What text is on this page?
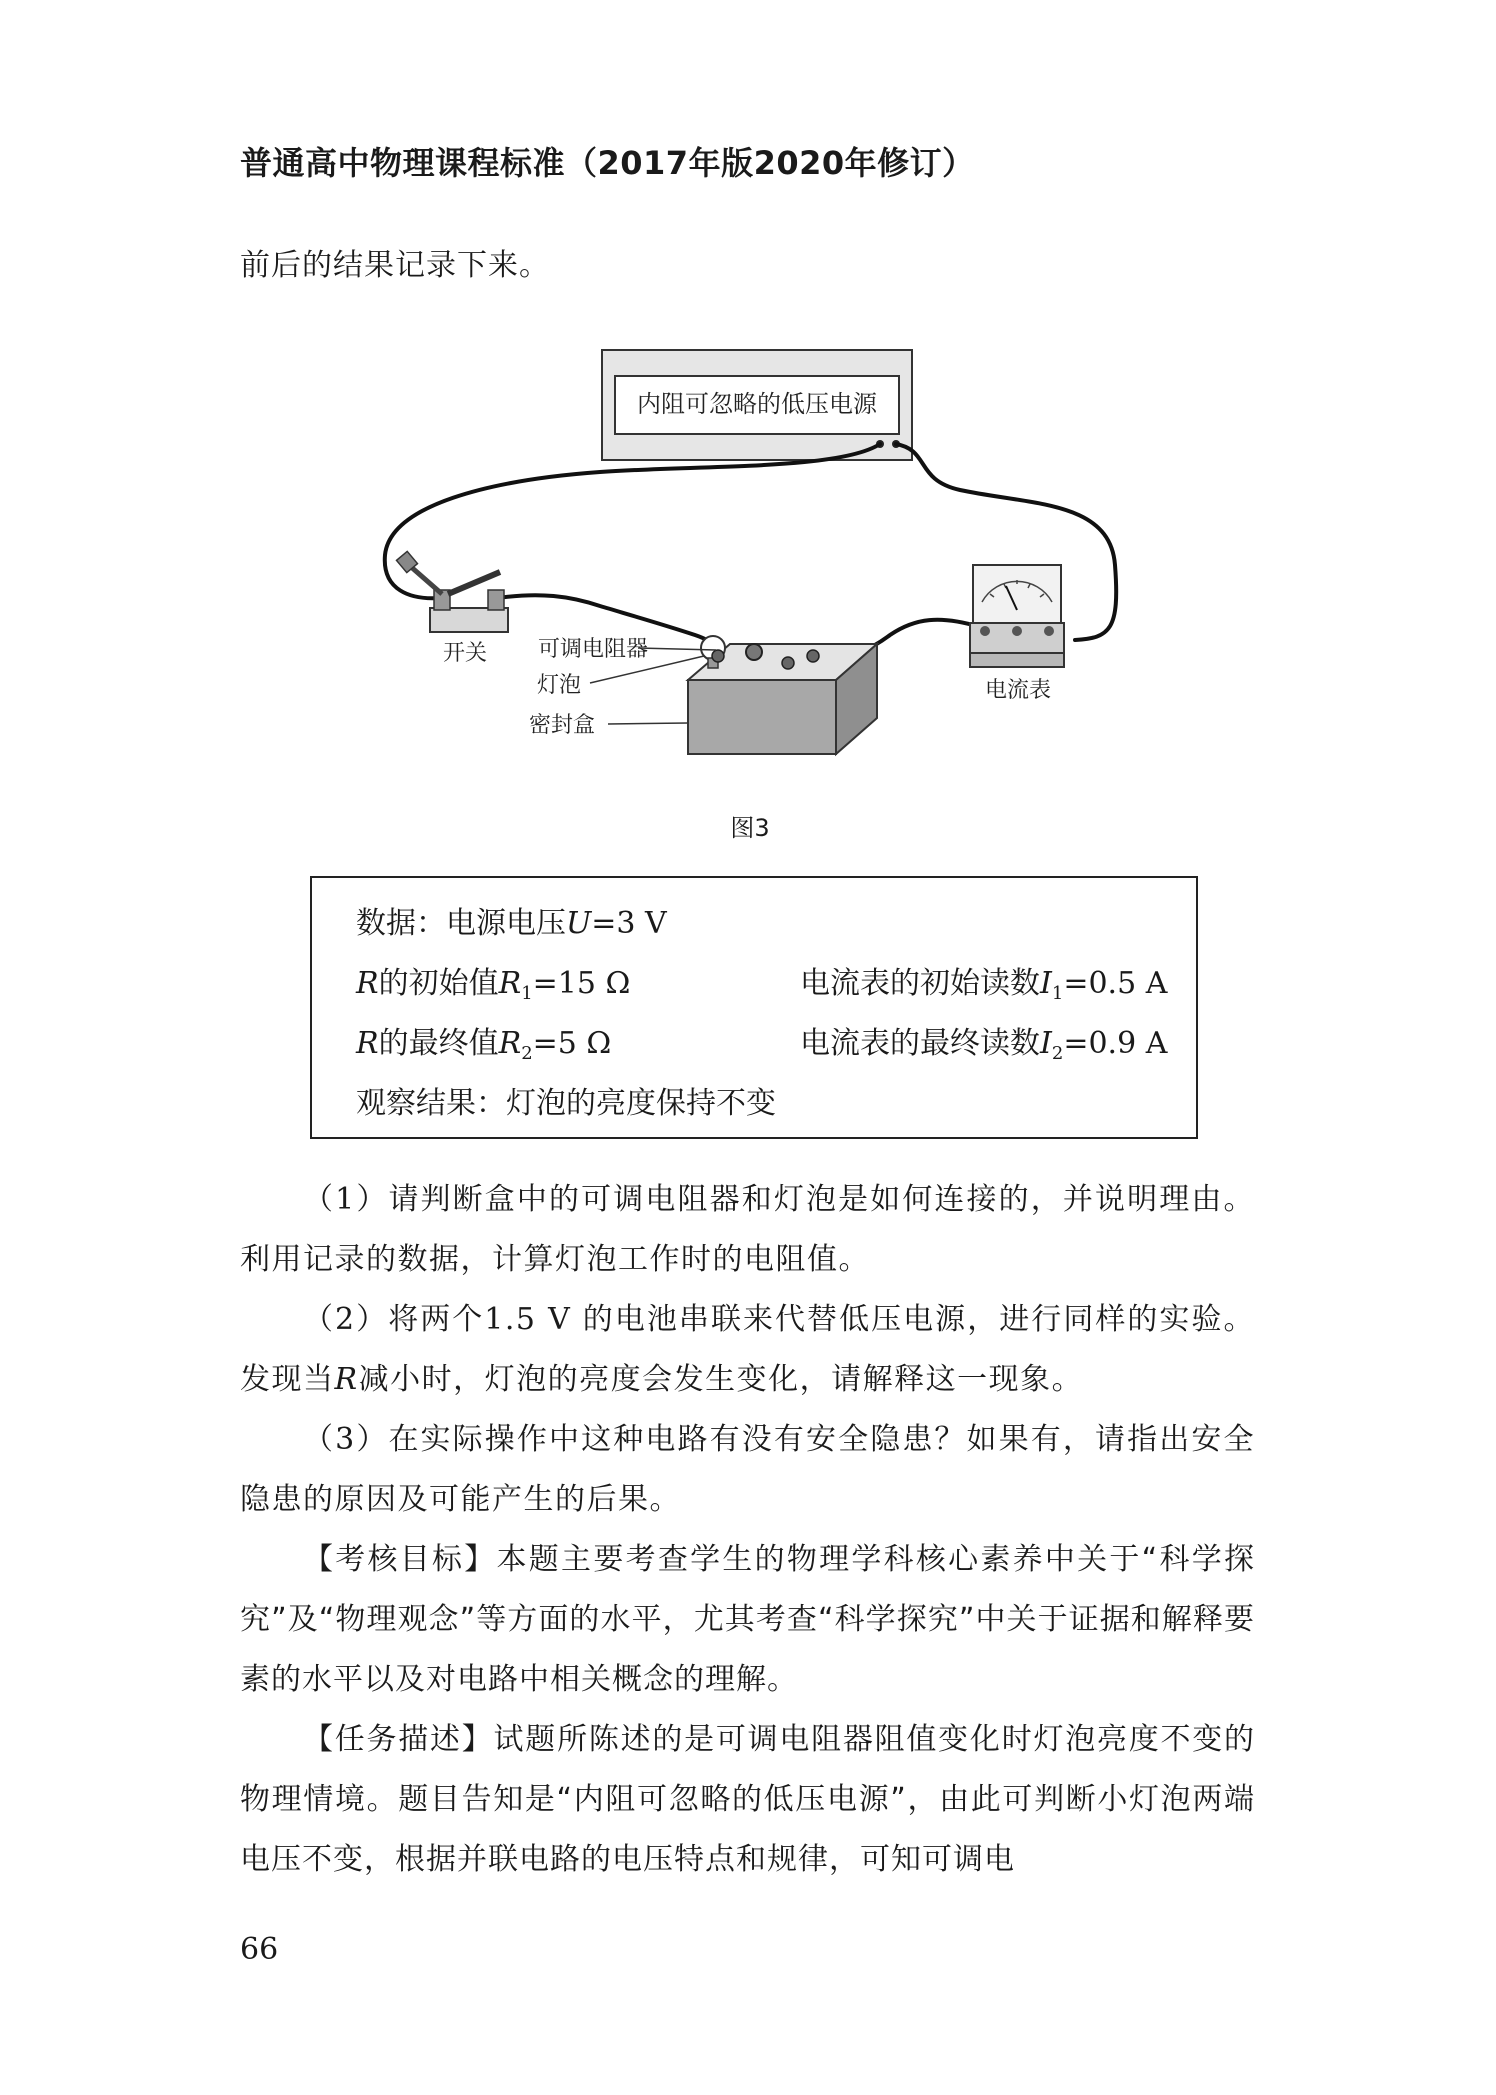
普通高中物理课程标准（2017年版2020年修订）
前后的结果记录下来。
内阻可忽略的低压电源
开关
电流表
可调电阻器
灯泡
密封盒
图3
数据：电源电压U=3 V
R的初始值$R_1=15$ Ω	电流表的初始读数$I_1=0.5$ A
R的最终值$R_2=5$ Ω	电流表的最终读数$I_2=0.9$ A
观察结果：灯泡的亮度保持不变

（1）请判断盒中的可调电阻器和灯泡是如何连接的，并说明理由。利用记录的数据，计算灯泡工作时的电阻值。

（2）将两个1.5 V 的电池串联来代替低压电源，进行同样的实验。发现当R减小时，灯泡的亮度会发生变化，请解释这一现象。

（3）在实际操作中这种电路有没有安全隐患？如果有，请指出安全隐患的原因及可能产生的后果。

【考核目标】本题主要考查学生的物理学科核心素养中关于“科学探究”及“物理观念”等方面的水平，尤其考查“科学探究”中关于证据和解释要素的水平以及对电路中相关概念的理解。

【任务描述】试题所陈述的是可调电阻器阻值变化时灯泡亮度不变的物理情境。题目告知是“内阻可忽略的低压电源”，由此可判断小灯泡两端电压不变，根据并联电路的电压特点和规律，可知可调电

66
